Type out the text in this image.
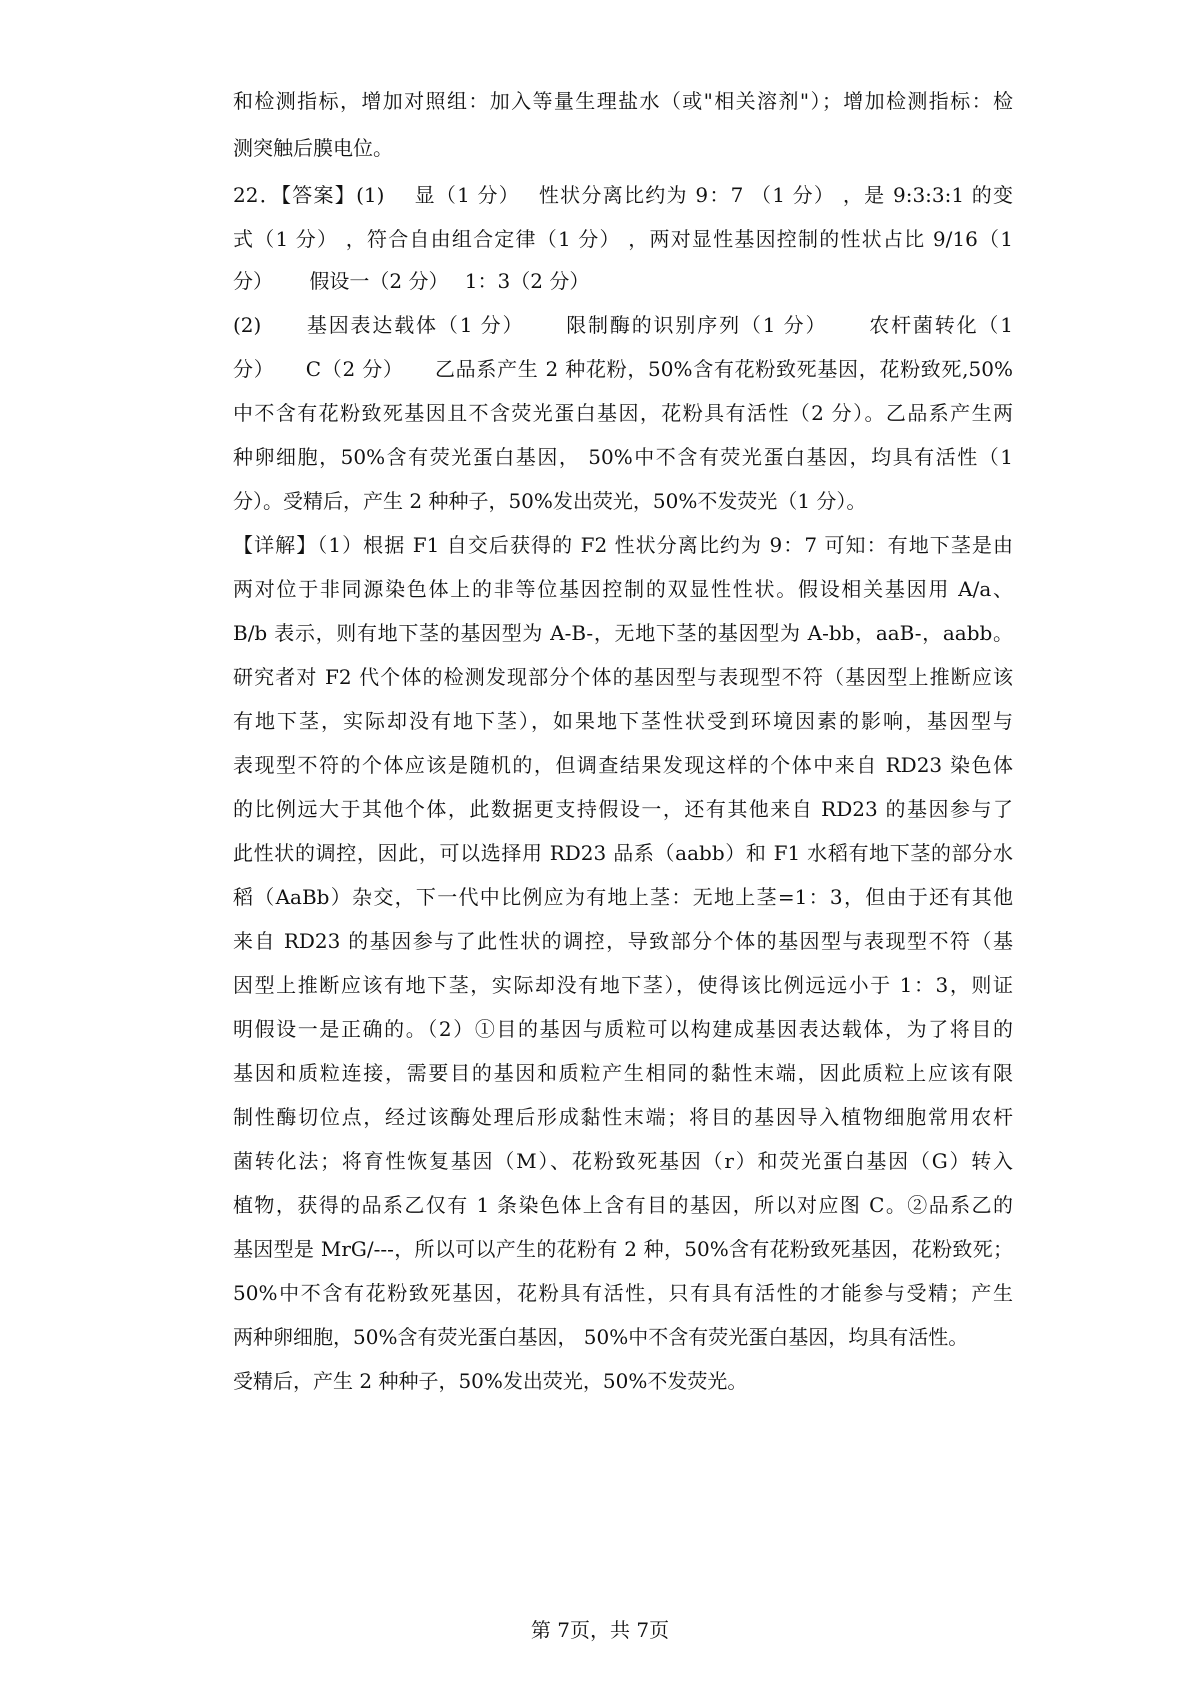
和检测指标，增加对照组：加入等量生理盐水（或"相关溶剂"）；增加检测指标：检

测突触后膜电位。

22．【答案】(1)　 显（1 分）　 性状分离比约为 9：7 （1 分） ，是 9:3:3:1 的变

式（1 分） ，符合自由组合定律（1 分） ，两对显性基因控制的性状占比 9/16（1

分）　　 假设一（2 分）　 1：3（2 分）

(2)　　基因表达载体（1 分）　　 限制酶的识别序列（1 分）　　 农杆菌转化（1

分）　　C（2 分）　　乙品系产生 2 种花粉，50%含有花粉致死基因，花粉致死,50%

中不含有花粉致死基因且不含荧光蛋白基因，花粉具有活性（2 分）。乙品系产生两

种卵细胞，50%含有荧光蛋白基因， 50%中不含有荧光蛋白基因，均具有活性（1

分）。受精后，产生 2 种种子，50%发出荧光，50%不发荧光（1 分）。

【详解】（1）根据 F1 自交后获得的 F2 性状分离比约为 9：7 可知：有地下茎是由

两对位于非同源染色体上的非等位基因控制的双显性性状。假设相关基因用 A/a、

B/b 表示，则有地下茎的基因型为 A-B-，无地下茎的基因型为 A-bb，aaB-，aabb。

研究者对 F2 代个体的检测发现部分个体的基因型与表现型不符（基因型上推断应该

有地下茎，实际却没有地下茎），如果地下茎性状受到环境因素的影响，基因型与

表现型不符的个体应该是随机的，但调查结果发现这样的个体中来自 RD23 染色体

的比例远大于其他个体，此数据更支持假设一，还有其他来自 RD23 的基因参与了

此性状的调控，因此，可以选择用 RD23 品系（aabb）和 F1 水稻有地下茎的部分水

稻（AaBb）杂交，下一代中比例应为有地上茎：无地上茎=1：3，但由于还有其他

来自 RD23 的基因参与了此性状的调控，导致部分个体的基因型与表现型不符（基

因型上推断应该有地下茎，实际却没有地下茎），使得该比例远远小于 1：3，则证

明假设一是正确的。（2）①目的基因与质粒可以构建成基因表达载体，为了将目的

基因和质粒连接，需要目的基因和质粒产生相同的黏性末端，因此质粒上应该有限

制性酶切位点，经过该酶处理后形成黏性末端；将目的基因导入植物细胞常用农杆

菌转化法；将育性恢复基因（M）、花粉致死基因（r）和荧光蛋白基因（G）转入

植物，获得的品系乙仅有 1 条染色体上含有目的基因，所以对应图 C。②品系乙的

基因型是 MrG/---，所以可以产生的花粉有 2 种，50%含有花粉致死基因，花粉致死；

50%中不含有花粉致死基因，花粉具有活性，只有具有活性的才能参与受精；产生

两种卵细胞，50%含有荧光蛋白基因， 50%中不含有荧光蛋白基因，均具有活性。

受精后，产生 2 种种子，50%发出荧光，50%不发荧光。

第 7页，共 7页
